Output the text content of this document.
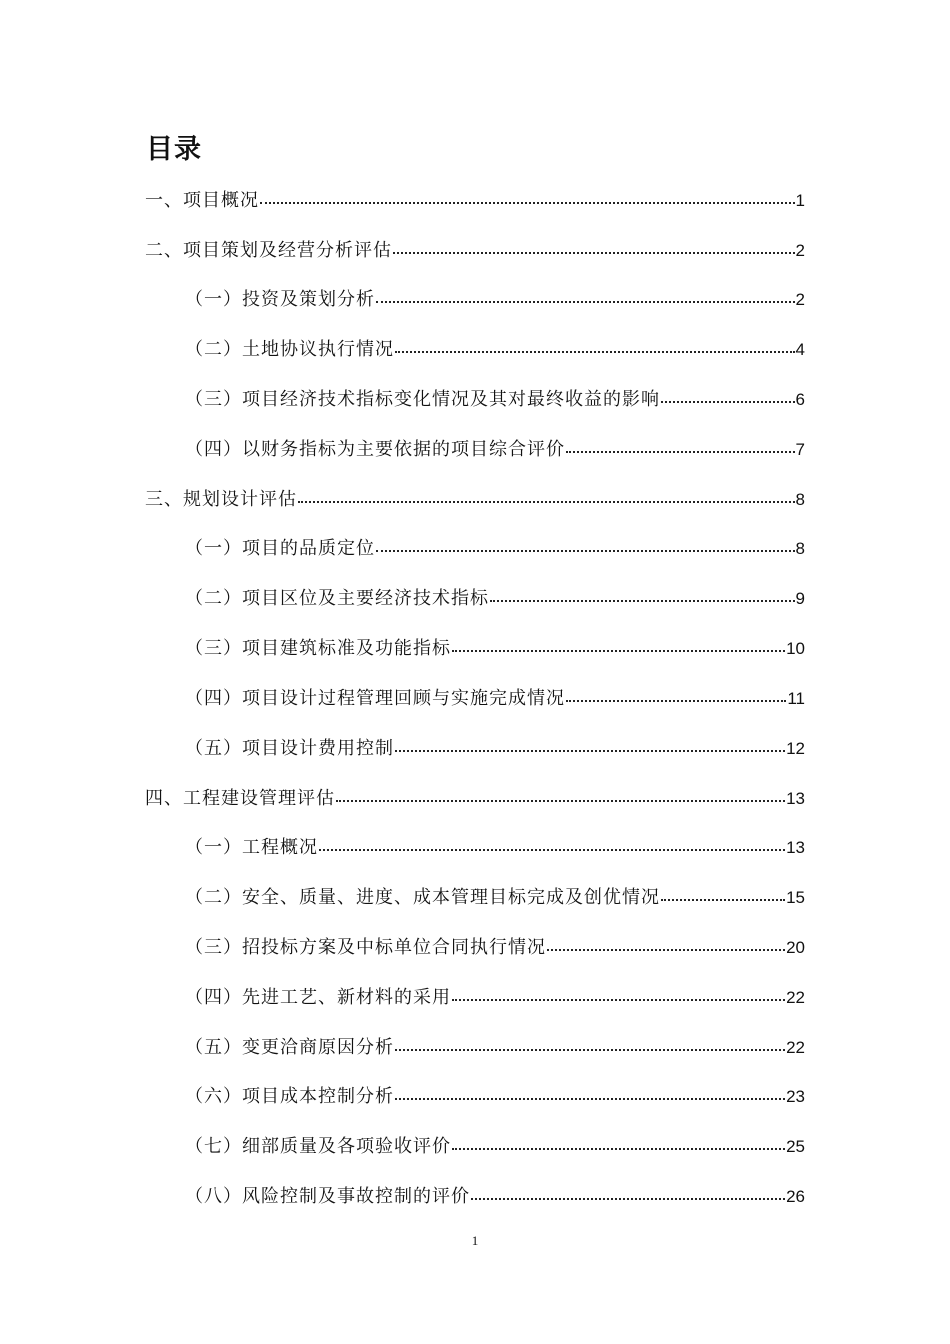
目录
一、项目概况	1
二、项目策划及经营分析评估	2
（一）投资及策划分析	2
（二）土地协议执行情况	4
（三）项目经济技术指标变化情况及其对最终收益的影响	6
（四）以财务指标为主要依据的项目综合评价	7
三、规划设计评估	8
（一）项目的品质定位	8
（二）项目区位及主要经济技术指标	9
（三）项目建筑标准及功能指标	10
（四）项目设计过程管理回顾与实施完成情况	11
（五）项目设计费用控制	12
四、工程建设管理评估	13
（一）工程概况	13
（二）安全、质量、进度、成本管理目标完成及创优情况	15
（三）招投标方案及中标单位合同执行情况	20
（四）先进工艺、新材料的采用	22
（五）变更洽商原因分析	22
（六）项目成本控制分析	23
（七）细部质量及各项验收评价	25
（八）风险控制及事故控制的评价	26
1
